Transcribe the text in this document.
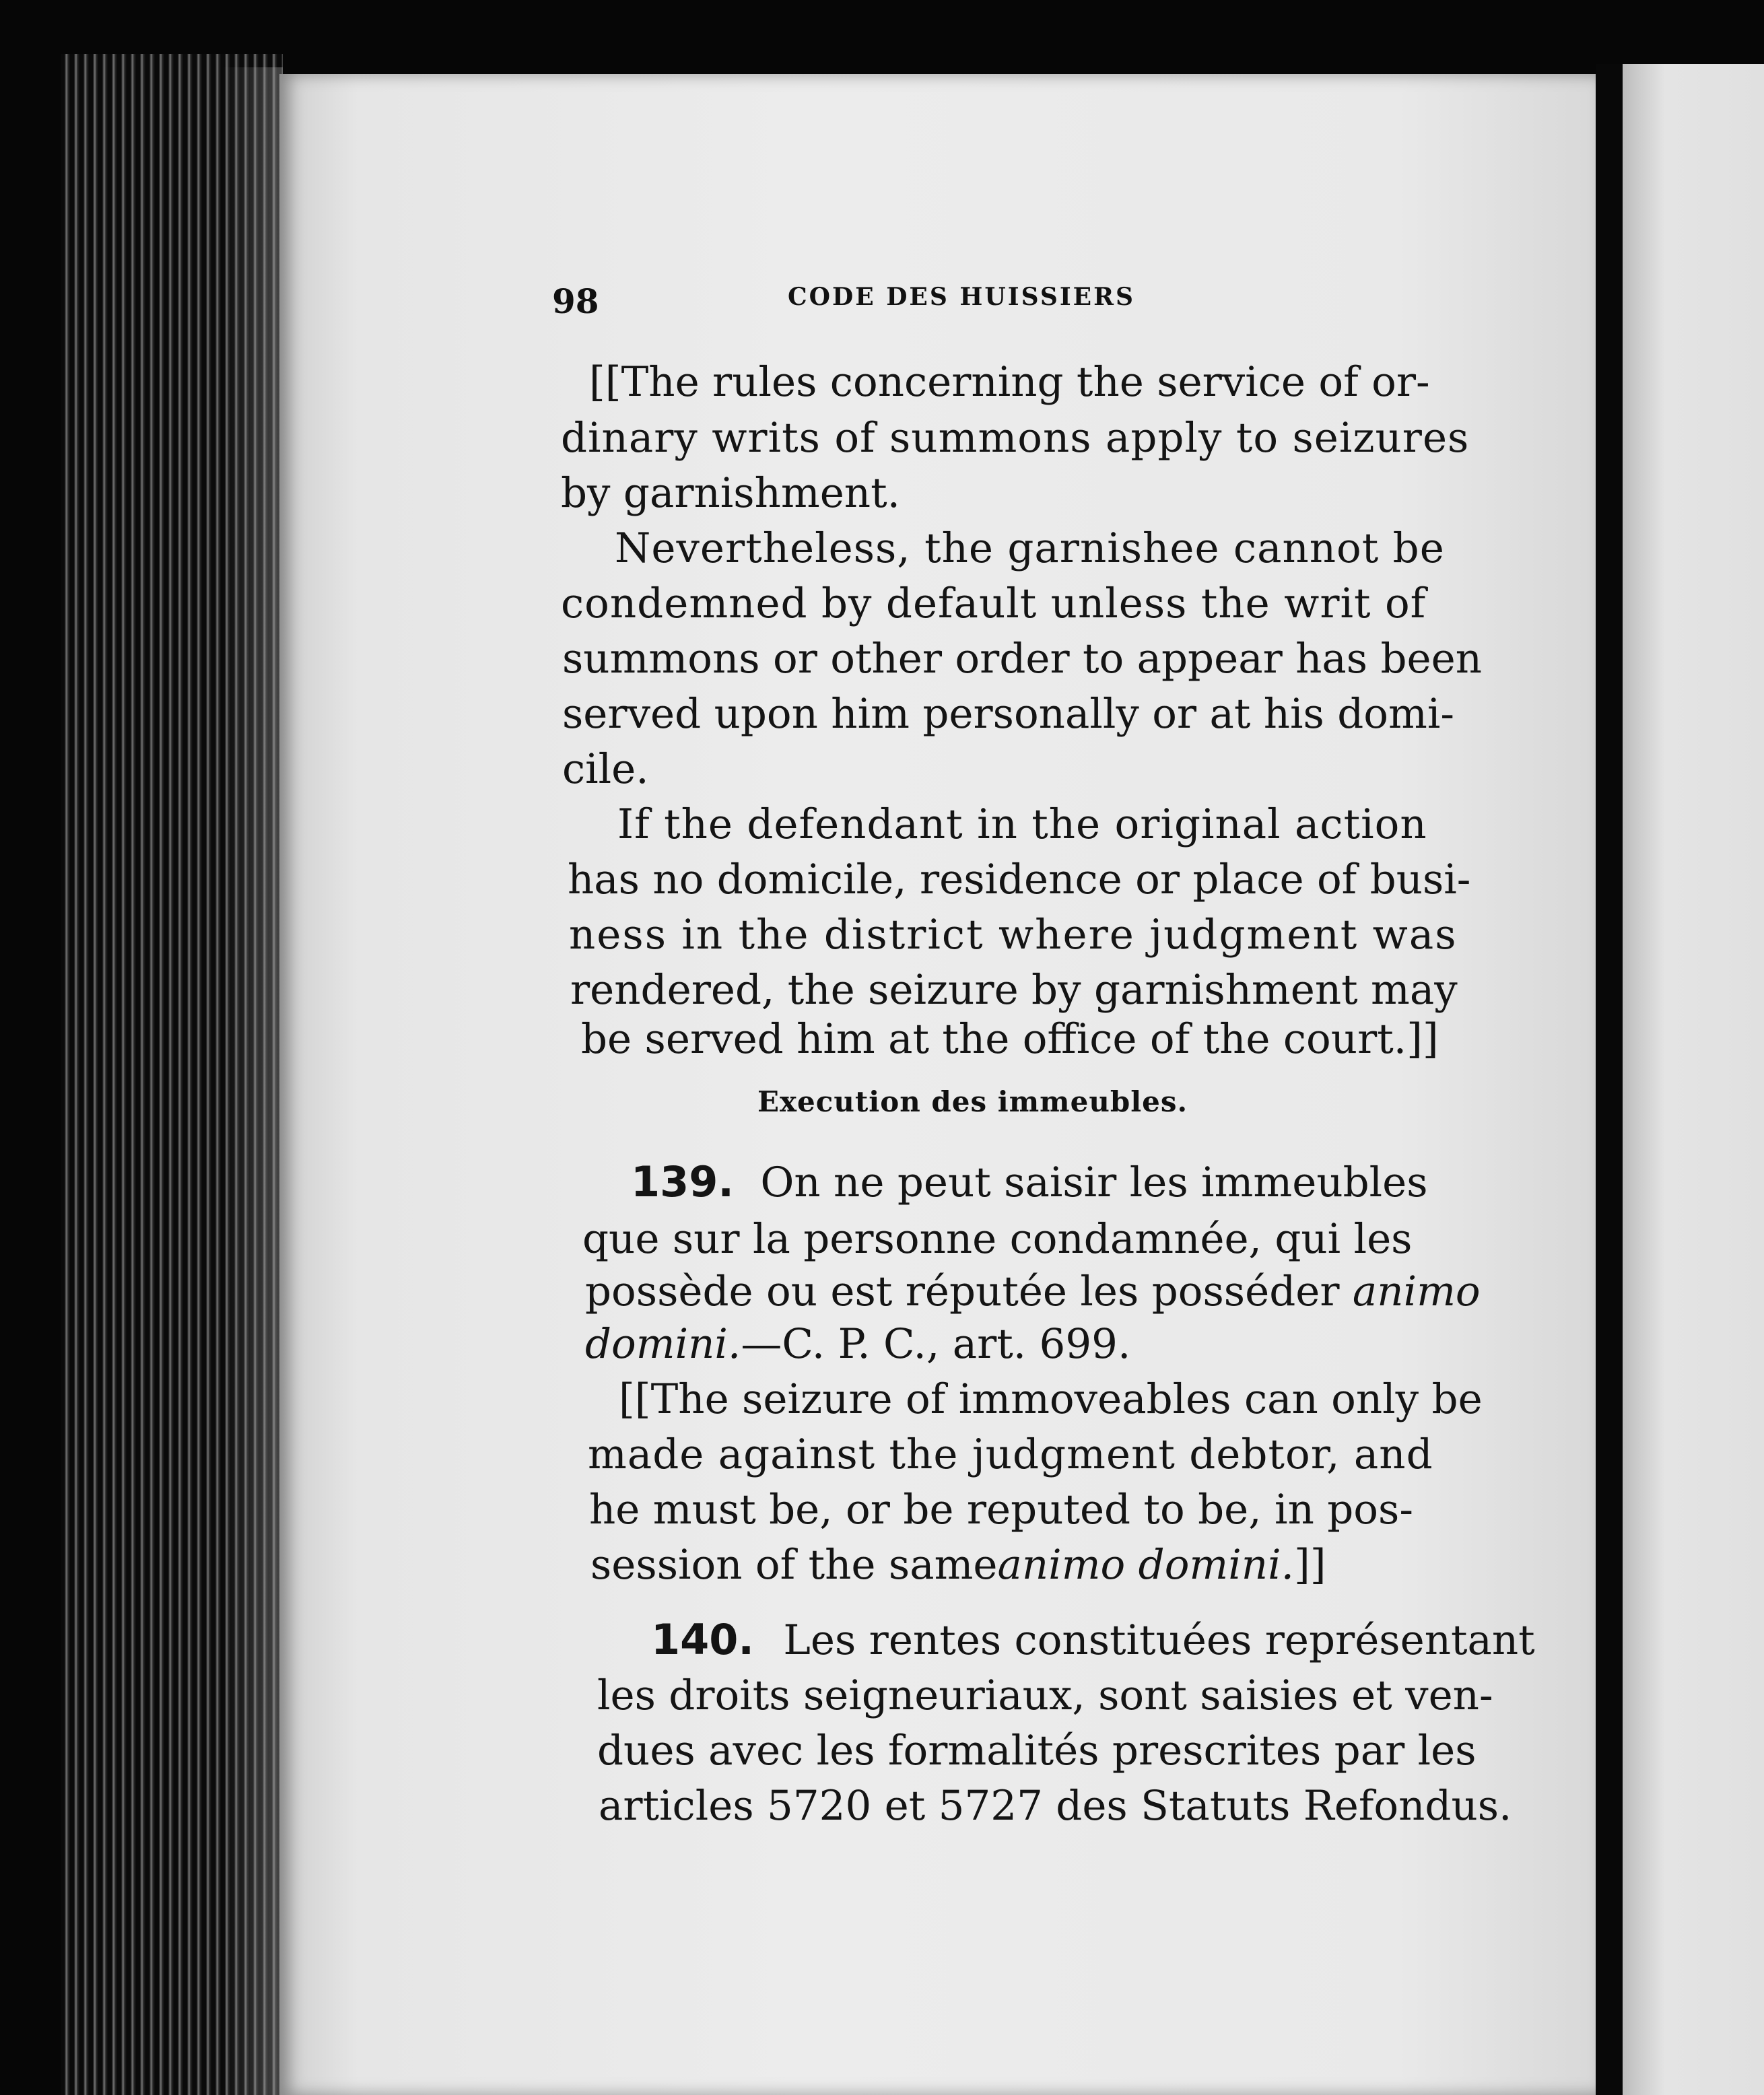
98	CODE DES HUISSIERS
[[The rules concerning the service of or-
dinary writs of summons apply to seizures
by garnishment.
Nevertheless, the garnishee cannot be
condemned by default unless the writ of
summons or other order to appear has been
served upon him personally or at his domi-
cile.
If the defendant in the original action
has no domicile, residence or place of busi-
ness in the district where judgment was
rendered, the seizure by garnishment may
be served him at the office of the court.]]
Execution des immeubles.
139. On ne peut saisir les immeubles
que sur la personne condamnée, qui les
possède ou est réputée les posséder animo
domini.—C. P. C., art. 699.
[[The seizure of immoveables can only be
made against the judgment debtor, and
he must be, or be reputed to be, in pos-
session of the sameanimo domini.]]
140. Les rentes constituées représentant
les droits seigneuriaux, sont saisies et ven-
dues avec les formalités prescrites par les
articles 5720 et 5727 des Statuts Refondus.
